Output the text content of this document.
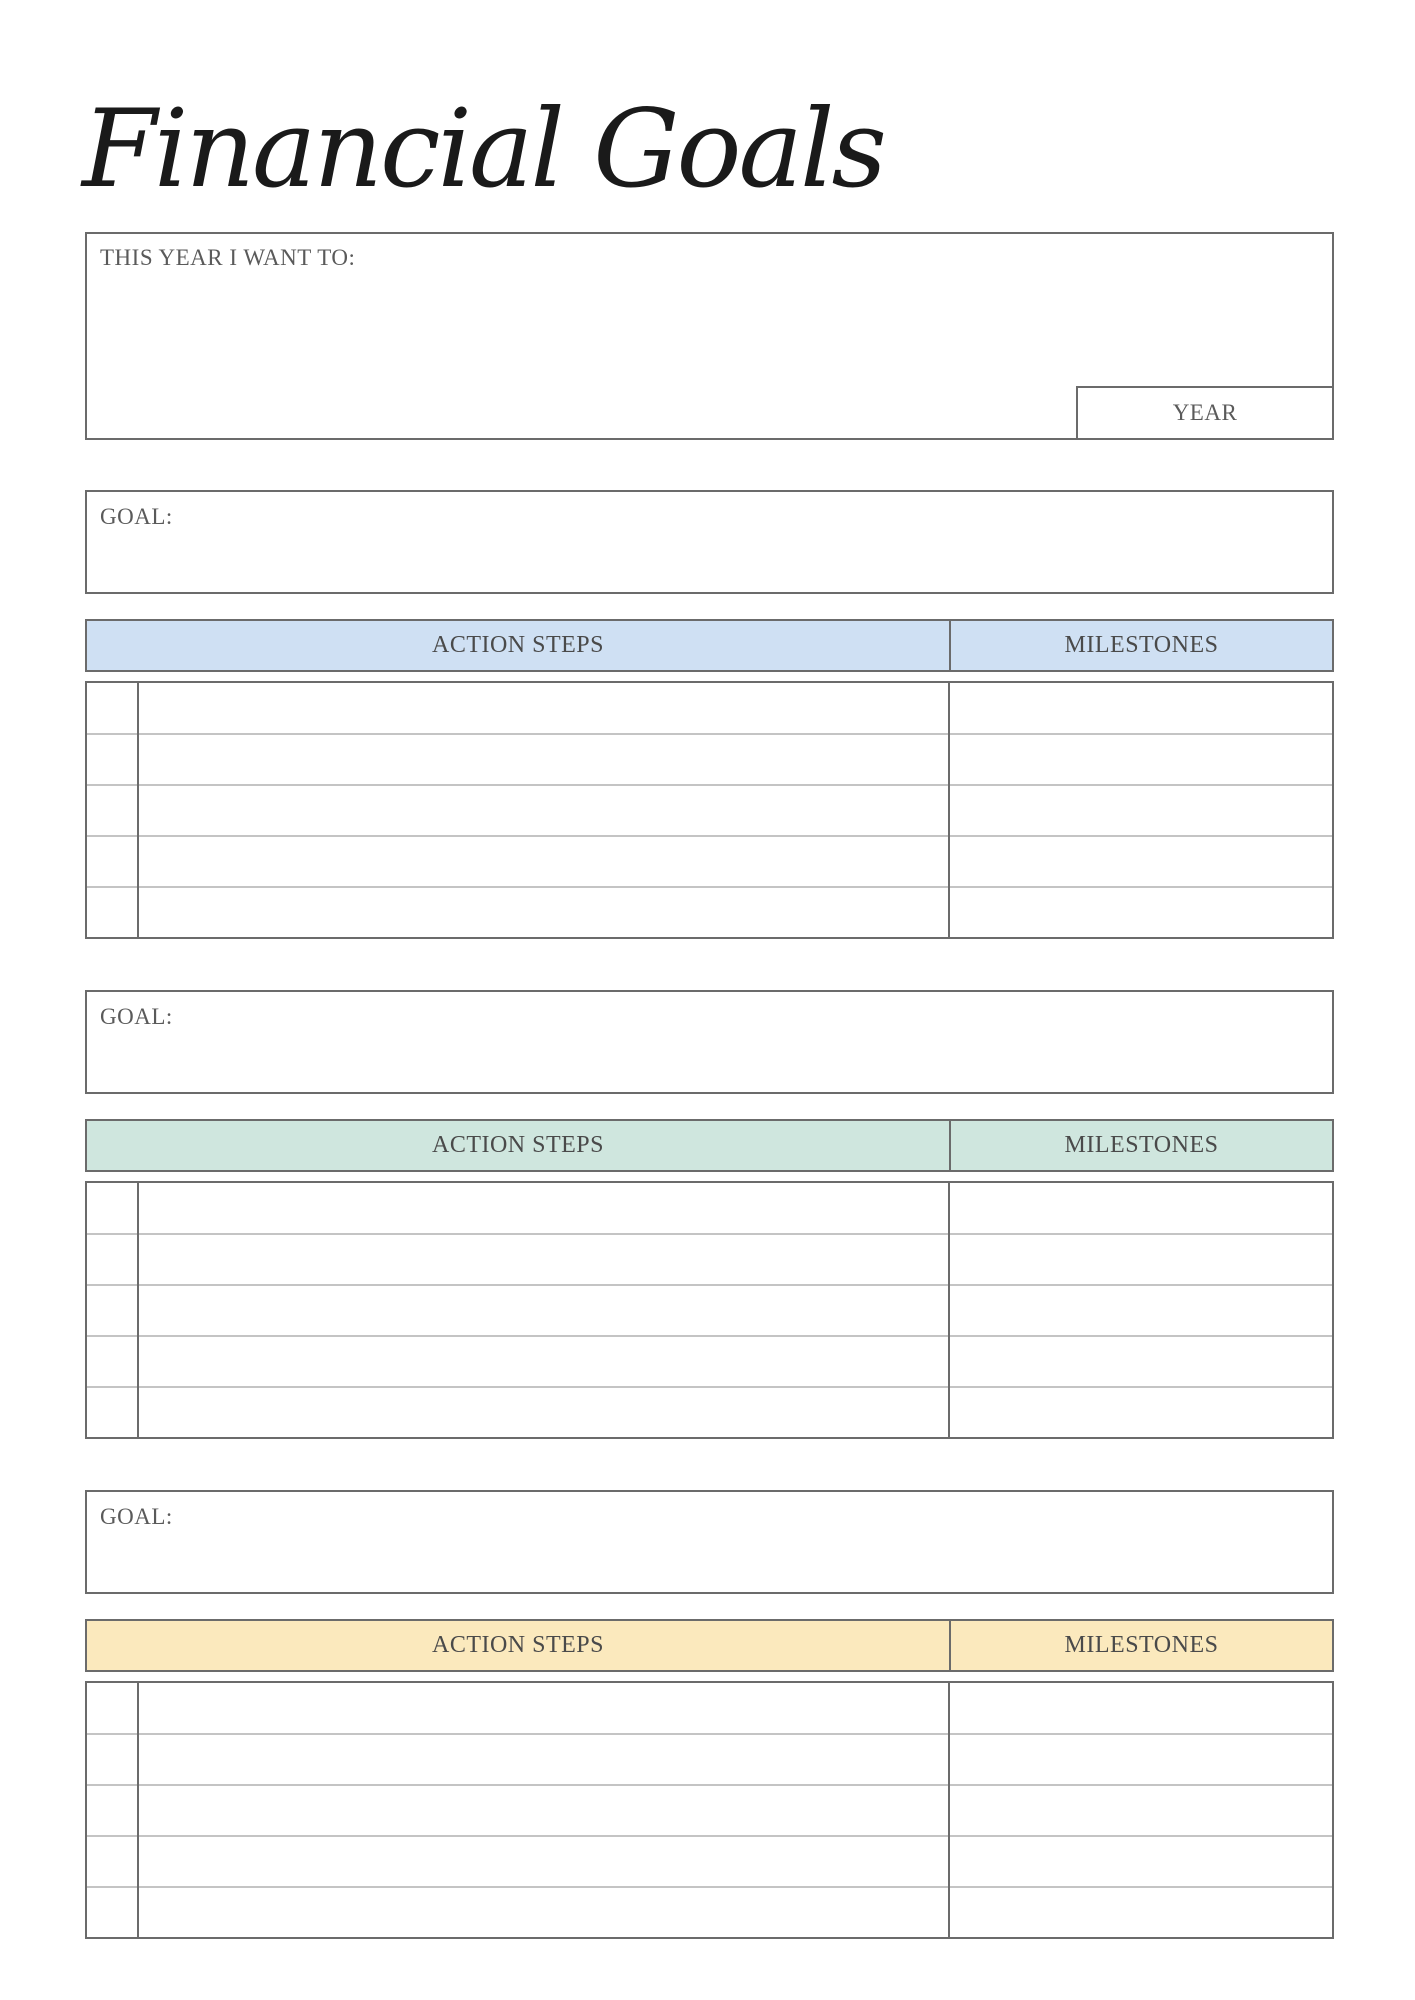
Financial Goals
THIS YEAR I WANT TO:
YEAR
GOAL:
ACTION STEPS	MILESTONES
GOAL:
ACTION STEPS	MILESTONES
GOAL:
ACTION STEPS	MILESTONES
